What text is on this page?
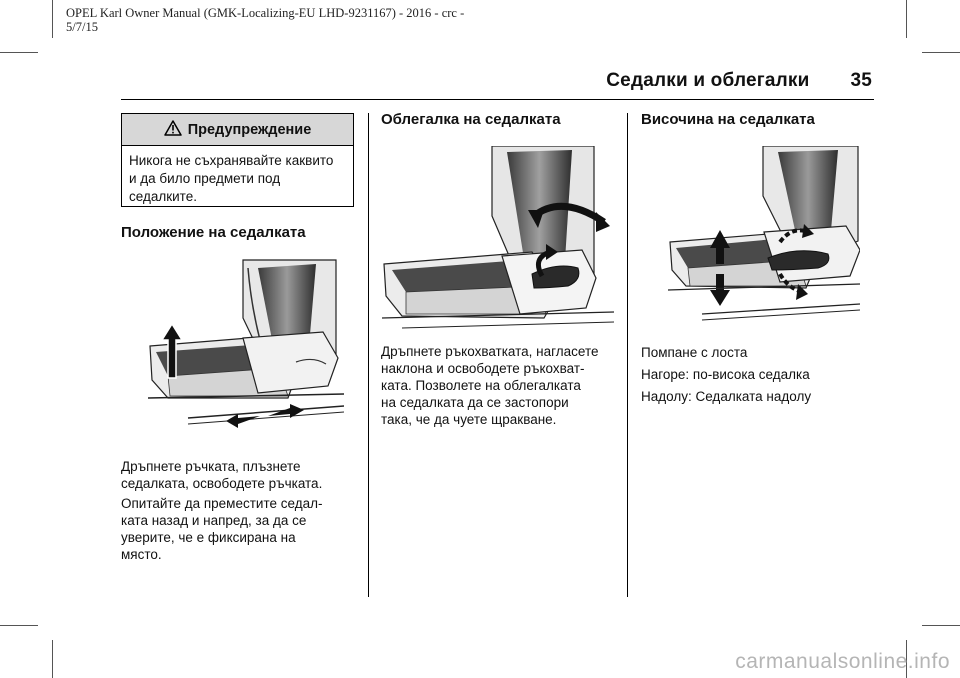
OPEL Karl Owner Manual (GMK-Localizing-EU LHD-9231167) - 2016 - crc -
5/7/15
Седалки и облегалки 35
Предупреждение
Никога не съхранявайте каквито
и да било предмети под
седалките.
Положение на седалката
Дръпнете ръчката, плъзнете
седалката, освободете ръчката.
Опитайте да преместите седал-
ката назад и напред, за да се
уверите, че е фиксирана на
място.
Облегалка на седалката
Дръпнете ръкохватката, нагласете
наклона и освободете ръкохват-
ката. Позволете на облегалката
на седалката да се застопори
така, че да чуете щракване.
Височина на седалката
Помпане с лоста
Нагоре: по-висока седалка
Надолу: Седалката надолу
carmanualsonline.info
